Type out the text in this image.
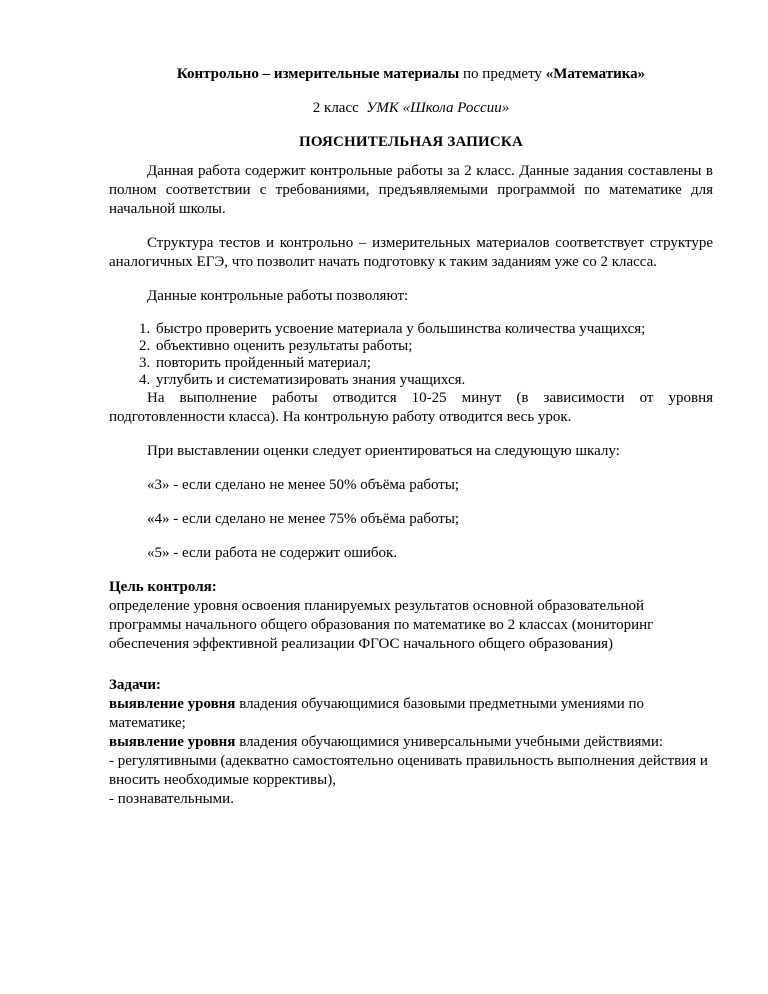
Контрольно – измерительные материалы по предмету «Математика»
2 класс УМК «Школа России»
ПОЯСНИТЕЛЬНАЯ ЗАПИСКА

Данная работа содержит контрольные работы за 2 класс. Данные задания составлены в полном соответствии с требованиями, предъявляемыми программой по математике для начальной школы.

Структура тестов и контрольно – измерительных материалов соответствует структуре аналогичных ЕГЭ, что позволит начать подготовку к таким заданиям уже со 2 класса.

Данные контрольные работы позволяют:

1. быстро проверить усвоение материала у большинства количества учащихся;
2. объективно оценить результаты работы;
3. повторить пройденный материал;
4. углубить и систематизировать знания учащихся.

На выполнение работы отводится 10-25 минут (в зависимости от уровня подготовленности класса). На контрольную работу отводится весь урок.

При выставлении оценки следует ориентироваться на следующую шкалу:

«3» - если сделано не менее 50% объёма работы;

«4» - если сделано не менее 75% объёма работы;

«5» - если работа не содержит ошибок.

Цель контроля:

определение уровня освоения планируемых результатов основной образовательной программы начального общего образования по математике во 2 классах (мониторинг обеспечения эффективной реализации ФГОС начального общего образования)

Задачи:

выявление уровня владения обучающимися базовыми предметными умениями по математике;

выявление уровня владения обучающимися универсальными учебными действиями:

- регулятивными (адекватно самостоятельно оценивать правильность выполнения действия и вносить необходимые коррективы),

- познавательными.
